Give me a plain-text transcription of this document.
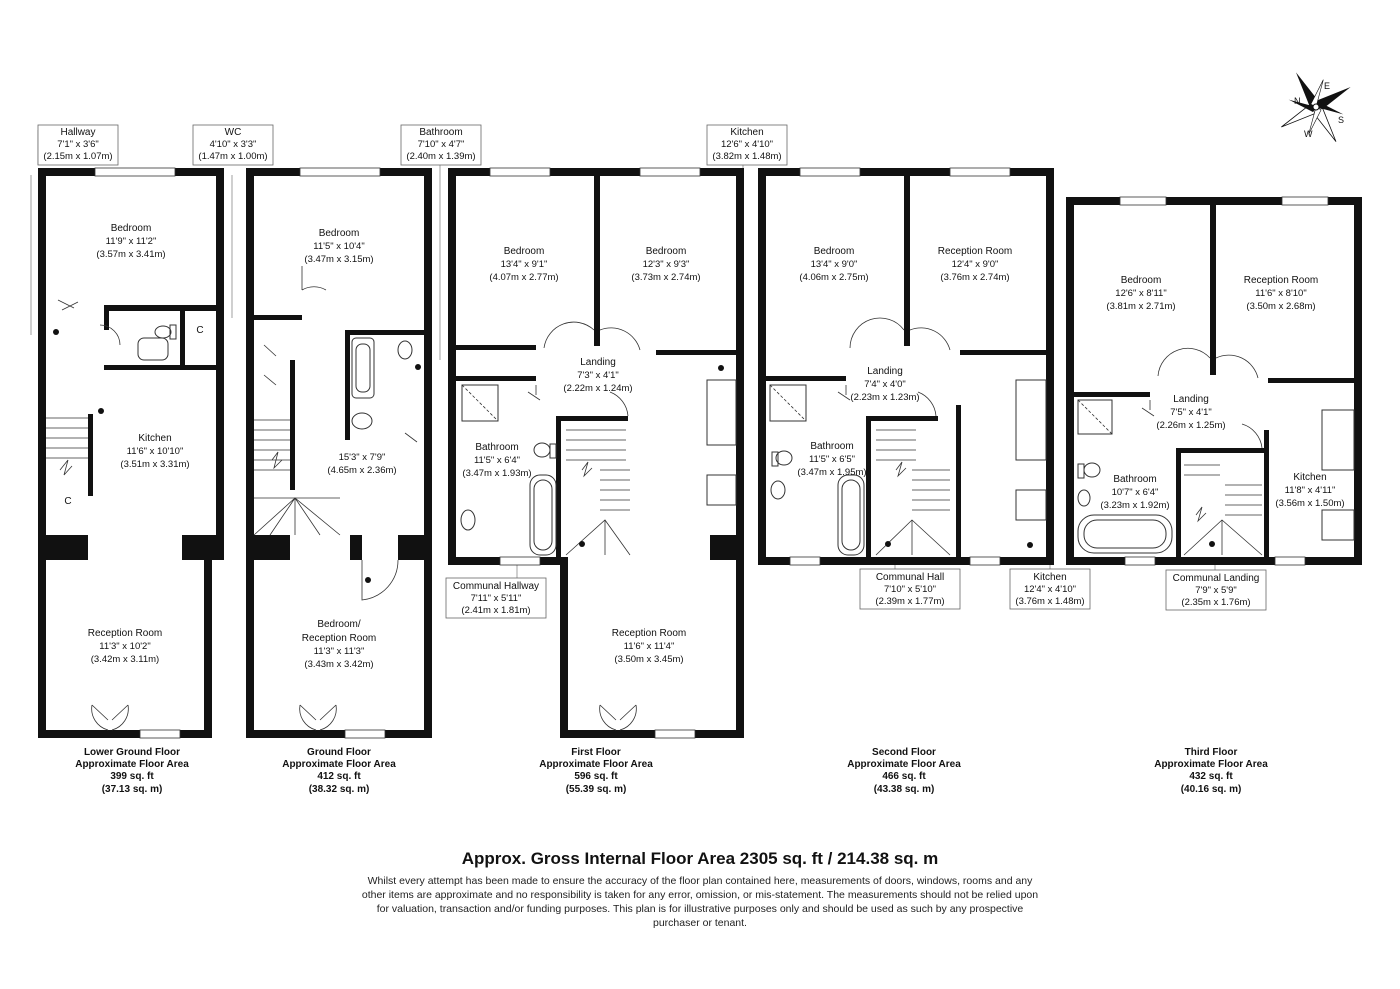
N
E
S
W
Bedroom
11'9" x 11'2"
(3.57m x 3.41m)
Kitchen
11'6" x 10'10"
(3.51m x 3.31m)
Reception Room
11'3" x 10'2"
(3.42m x 3.11m)
C
C
Lower Ground Floor
Approximate Floor Area
399 sq. ft
(37.13 sq. m)
Bedroom
11'5" x 10'4"
(3.47m x 3.15m)
15'3" x 7'9"
(4.65m x 2.36m)
Bedroom/
Reception Room
11'3" x 11'3"
(3.43m x 3.42m)
Ground Floor
Approximate Floor Area
412 sq. ft
(38.32 sq. m)
Bedroom
13'4" x 9'1"
(4.07m x 2.77m)
Bedroom
12'3" x 9'3"
(3.73m x 2.74m)
Landing
7'3" x 4'1"
(2.22m x 1.24m)
Bathroom
11'5" x 6'4"
(3.47m x 1.93m)
Reception Room
11'6" x 11'4"
(3.50m x 3.45m)
First Floor
Approximate Floor Area
596 sq. ft
(55.39 sq. m)
Bedroom
13'4" x 9'0"
(4.06m x 2.75m)
Reception Room
12'4" x 9'0"
(3.76m x 2.74m)
Landing
7'4" x 4'0"
(2.23m x 1.23m)
Bathroom
11'5" x 6'5"
(3.47m x 1.95m)
Second Floor
Approximate Floor Area
466 sq. ft
(43.38 sq. m)
Bedroom
12'6" x 8'11"
(3.81m x 2.71m)
Reception Room
11'6" x 8'10"
(3.50m x 2.68m)
Landing
7'5" x 4'1"
(2.26m x 1.25m)
Bathroom
10'7" x 6'4"
(3.23m x 1.92m)
Kitchen
11'8" x 4'11"
(3.56m x 1.50m)
Third Floor
Approximate Floor Area
432 sq. ft
(40.16 sq. m)
Hallway
7'1" x 3'6"
(2.15m x 1.07m)
WC
4'10" x 3'3"
(1.47m x 1.00m)
Bathroom
7'10" x 4'7"
(2.40m x 1.39m)
Kitchen
12'6" x 4'10"
(3.82m x 1.48m)
Communal Hallway
7'11" x 5'11"
(2.41m x 1.81m)
Communal Hall
7'10" x 5'10"
(2.39m x 1.77m)
Kitchen
12'4" x 4'10"
(3.76m x 1.48m)
Communal Landing
7'9" x 5'9"
(2.35m x 1.76m)
Approx. Gross Internal Floor Area 2305 sq. ft / 214.38 sq. m
Whilst every attempt has been made to ensure the accuracy of the floor plan contained here, measurements of doors, windows, rooms and any other items are approximate and no responsibility is taken for any error, omission, or mis-statement. The measurements should not be relied upon for valuation, transaction and/or funding purposes. This plan is for illustrative purposes only and should be used as such by any prospective purchaser or tenant.
